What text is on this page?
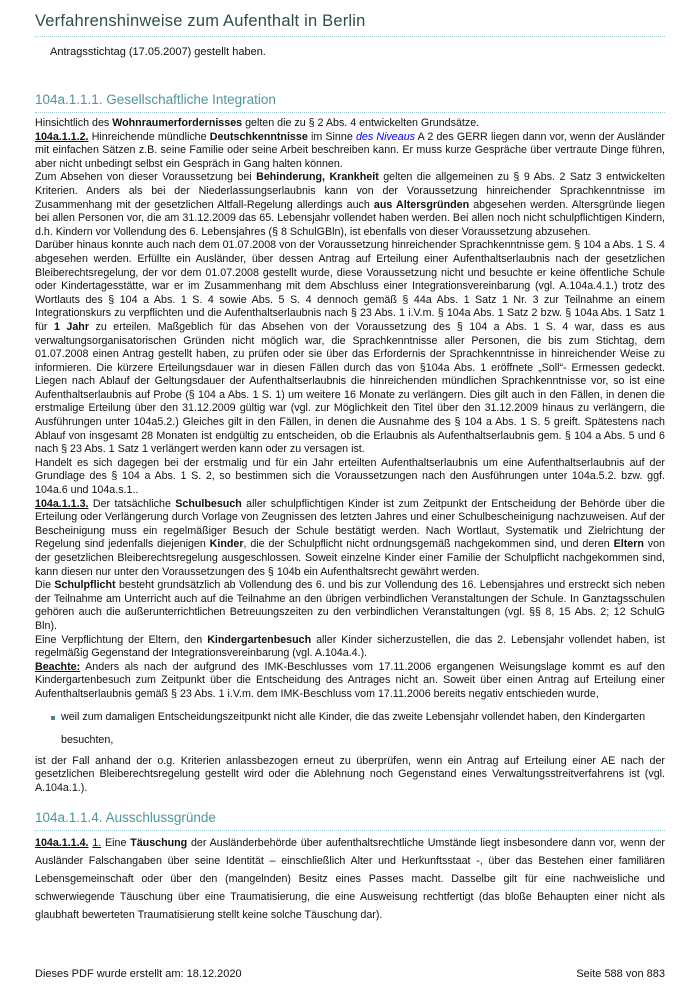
Verfahrenshinweise zum Aufenthalt in Berlin

Antragsstichtag (17.05.2007) gestellt haben.

104a.1.1.1. Gesellschaftliche Integration
Hinsichtlich des Wohnraumerfordernisses gelten die zu § 2 Abs. 4 entwickelten Grundsätze.
104a.1.1.2. Hinreichende mündliche Deutschkenntnisse im Sinne des Niveaus A 2 des GERR liegen dann vor, wenn der Ausländer mit einfachen Sätzen z.B. seine Familie oder seine Arbeit beschreiben kann. Er muss kurze Gespräche über vertraute Dinge führen, aber nicht unbedingt selbst ein Gespräch in Gang halten können.
Zum Absehen von dieser Voraussetzung bei Behinderung, Krankheit gelten die allgemeinen zu § 9 Abs. 2 Satz 3 entwickelten Kriterien. Anders als bei der Niederlassungserlaubnis kann von der Voraussetzung hinreichender Sprachkenntnisse im Zusammenhang mit der gesetzlichen Altfall-Regelung allerdings auch aus Altersgründen abgesehen werden. Altersgründe liegen bei allen Personen vor, die am 31.12.2009 das 65. Lebensjahr vollendet haben werden. Bei allen noch nicht schulpflichtigen Kindern, d.h. Kindern vor Vollendung des 6. Lebensjahres (§ 8 SchulGBln), ist ebenfalls von dieser Voraussetzung abzusehen.
Darüber hinaus konnte auch nach dem 01.07.2008 von der Voraussetzung hinreichender Sprachkenntnisse gem. § 104 a Abs. 1 S. 4 abgesehen werden. Erfüllte ein Ausländer, über dessen Antrag auf Erteilung einer Aufenthaltserlaubnis nach der gesetzlichen Bleiberechtsregelung, der vor dem 01.07.2008 gestellt wurde, diese Voraussetzung nicht und besuchte er keine öffentliche Schule oder Kindertagesstätte, war er im Zusammenhang mit dem Abschluss einer Integrationsvereinbarung (vgl. A.104a.4.1.) trotz des Wortlauts des § 104 a Abs. 1 S. 4 sowie Abs. 5 S. 4 dennoch gemäß § 44a Abs. 1 Satz 1 Nr. 3 zur Teilnahme an einem Integrationskurs zu verpflichten und die Aufenthaltserlaubnis nach § 23 Abs. 1 i.V.m. § 104a Abs. 1 Satz 2 bzw. § 104a Abs. 1 Satz 1 für 1 Jahr zu erteilen. Maßgeblich für das Absehen von der Voraussetzung des § 104 a Abs. 1 S. 4 war, dass es aus verwaltungsorganisatorischen Gründen nicht möglich war, die Sprachkenntnisse aller Personen, die bis zum Stichtag, dem 01.07.2008 einen Antrag gestellt haben, zu prüfen oder sie über das Erfordernis der Sprachkenntnisse in hinreichender Weise zu informieren. Die kürzere Erteilungsdauer war in diesen Fällen durch das von §104a Abs. 1 eröffnete „Soll“- Ermessen gedeckt. Liegen nach Ablauf der Geltungsdauer der Aufenthaltserlaubnis die hinreichenden mündlichen Sprachkenntnisse vor, so ist eine Aufenthaltserlaubnis auf Probe (§ 104 a Abs. 1 S. 1) um weitere 16 Monate zu verlängern. Dies gilt auch in den Fällen, in denen die erstmalige Erteilung über den 31.12.2009 gültig war (vgl. zur Möglichkeit den Titel über den 31.12.2009 hinaus zu verlängern, die Ausführungen unter 104a5.2.) Gleiches gilt in den Fällen, in denen die Ausnahme des § 104 a Abs. 1 S. 5 greift. Spätestens nach Ablauf von insgesamt 28 Monaten ist endgültig zu entscheiden, ob die Erlaubnis als Aufenthaltserlaubnis gem. § 104 a Abs. 5 und 6 nach § 23 Abs. 1 Satz 1 verlängert werden kann oder zu versagen ist.
Handelt es sich dagegen bei der erstmalig und für ein Jahr erteilten Aufenthaltserlaubnis um eine Aufenthaltserlaubnis auf der Grundlage des § 104 a Abs. 1 S. 2, so bestimmen sich die Voraussetzungen nach den Ausführungen unter 104a.5.2. bzw. ggf. 104a.6 und 104a.s.1..
104a.1.1.3. Der tatsächliche Schulbesuch aller schulpflichtigen Kinder ist zum Zeitpunkt der Entscheidung der Behörde über die Erteilung oder Verlängerung durch Vorlage von Zeugnissen des letzten Jahres und einer Schulbescheinigung nachzuweisen. Auf der Bescheinigung muss ein regelmäßiger Besuch der Schule bestätigt werden. Nach Wortlaut, Systematik und Zielrichtung der Regelung sind jedenfalls diejenigen Kinder, die der Schulpflicht nicht ordnungsgemäß nachgekommen sind, und deren Eltern von der gesetzlichen Bleiberechtsregelung ausgeschlossen. Soweit einzelne Kinder einer Familie der Schulpflicht nachgekommen sind, kann diesen nur unter den Voraussetzungen des § 104b ein Aufenthaltsrecht gewährt werden.
Die Schulpflicht besteht grundsätzlich ab Vollendung des 6. und bis zur Vollendung des 16. Lebensjahres und erstreckt sich neben der Teilnahme am Unterricht auch auf die Teilnahme an den übrigen verbindlichen Veranstaltungen der Schule. In Ganztagsschulen gehören auch die außerunterrichtlichen Betreuungszeiten zu den verbindlichen Veranstaltungen (vgl. §§ 8, 15 Abs. 2; 12 SchulG Bln).
Eine Verpflichtung der Eltern, den Kindergartenbesuch aller Kinder sicherzustellen, die das 2. Lebensjahr vollendet haben, ist regelmäßig Gegenstand der Integrationsvereinbarung (vgl. A.104a.4.).
Beachte: Anders als nach der aufgrund des IMK-Beschlusses vom 17.11.2006 ergangenen Weisungslage kommt es auf den Kindergartenbesuch zum Zeitpunkt über die Entscheidung des Antrages nicht an. Soweit über einen Antrag auf Erteilung einer Aufenthaltserlaubnis gemäß § 23 Abs. 1 i.V.m. dem IMK-Beschluss vom 17.11.2006 bereits negativ entschieden wurde,
weil zum damaligen Entscheidungszeitpunkt nicht alle Kinder, die das zweite Lebensjahr vollendet haben, den Kindergarten besuchten,
ist der Fall anhand der o.g. Kriterien anlassbezogen erneut zu überprüfen, wenn ein Antrag auf Erteilung einer AE nach der gesetzlichen Bleiberechtsregelung gestellt wird oder die Ablehnung noch Gegenstand eines Verwaltungsstreitverfahrens ist (vgl. A.104a.1.).
104a.1.1.4. Ausschlussgründe
104a.1.1.4. 1. Eine Täuschung der Ausländerbehörde über aufenthaltsrechtliche Umstände liegt insbesondere dann vor, wenn der Ausländer Falschangaben über seine Identität – einschließlich Alter und Herkunftsstaat -, über das Bestehen einer familiären Lebensgemeinschaft oder über den (mangelnden) Besitz eines Passes macht. Dasselbe gilt für eine nachweisliche und schwerwiegende Täuschung über eine Traumatisierung, die eine Ausweisung rechtfertigt (das bloße Behaupten einer nicht als glaubhaft bewerteten Traumatisierung stellt keine solche Täuschung dar).
Dieses PDF wurde erstellt am: 18.12.2020	Seite 588 von 883
